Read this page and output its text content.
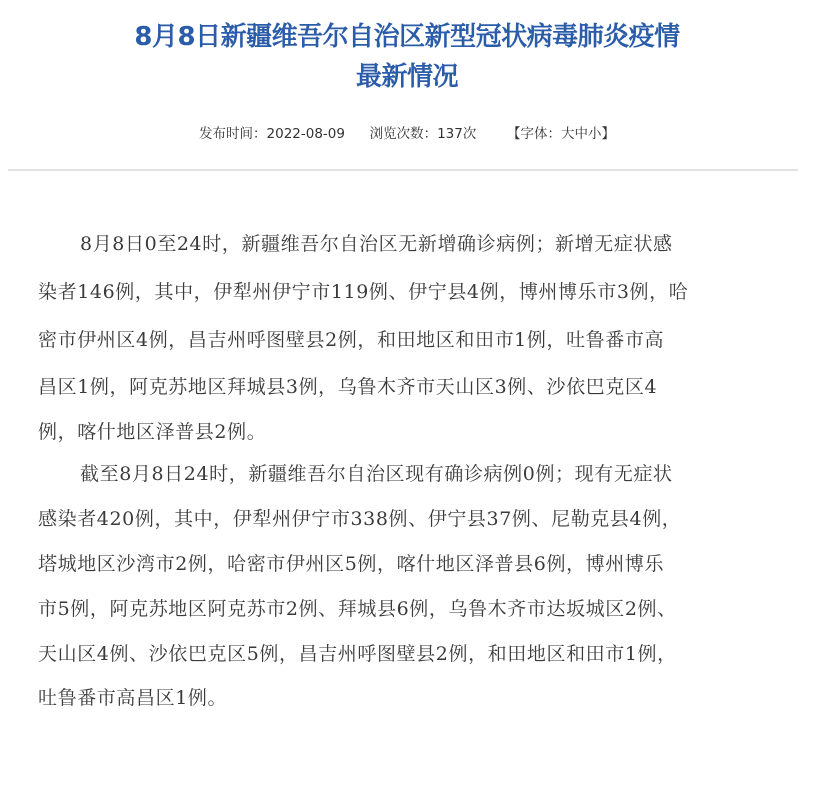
8月8日新疆维吾尔自治区新型冠状病毒肺炎疫情
最新情况
发布时间：2022-08-09 浏览次数：137次 【字体：大中小】
8月8日0至24时，新疆维吾尔自治区无新增确诊病例；新增无症状感
染者146例，其中，伊犁州伊宁市119例、伊宁县4例，博州博乐市3例，哈
密市伊州区4例，昌吉州呼图壁县2例，和田地区和田市1例，吐鲁番市高
昌区1例，阿克苏地区拜城县3例，乌鲁木齐市天山区3例、沙依巴克区4
例，喀什地区泽普县2例。
截至8月8日24时，新疆维吾尔自治区现有确诊病例0例；现有无症状
感染者420例，其中，伊犁州伊宁市338例、伊宁县37例、尼勒克县4例，
塔城地区沙湾市2例，哈密市伊州区5例，喀什地区泽普县6例，博州博乐
市5例，阿克苏地区阿克苏市2例、拜城县6例，乌鲁木齐市达坂城区2例、
天山区4例、沙依巴克区5例，昌吉州呼图壁县2例，和田地区和田市1例，
吐鲁番市高昌区1例。
